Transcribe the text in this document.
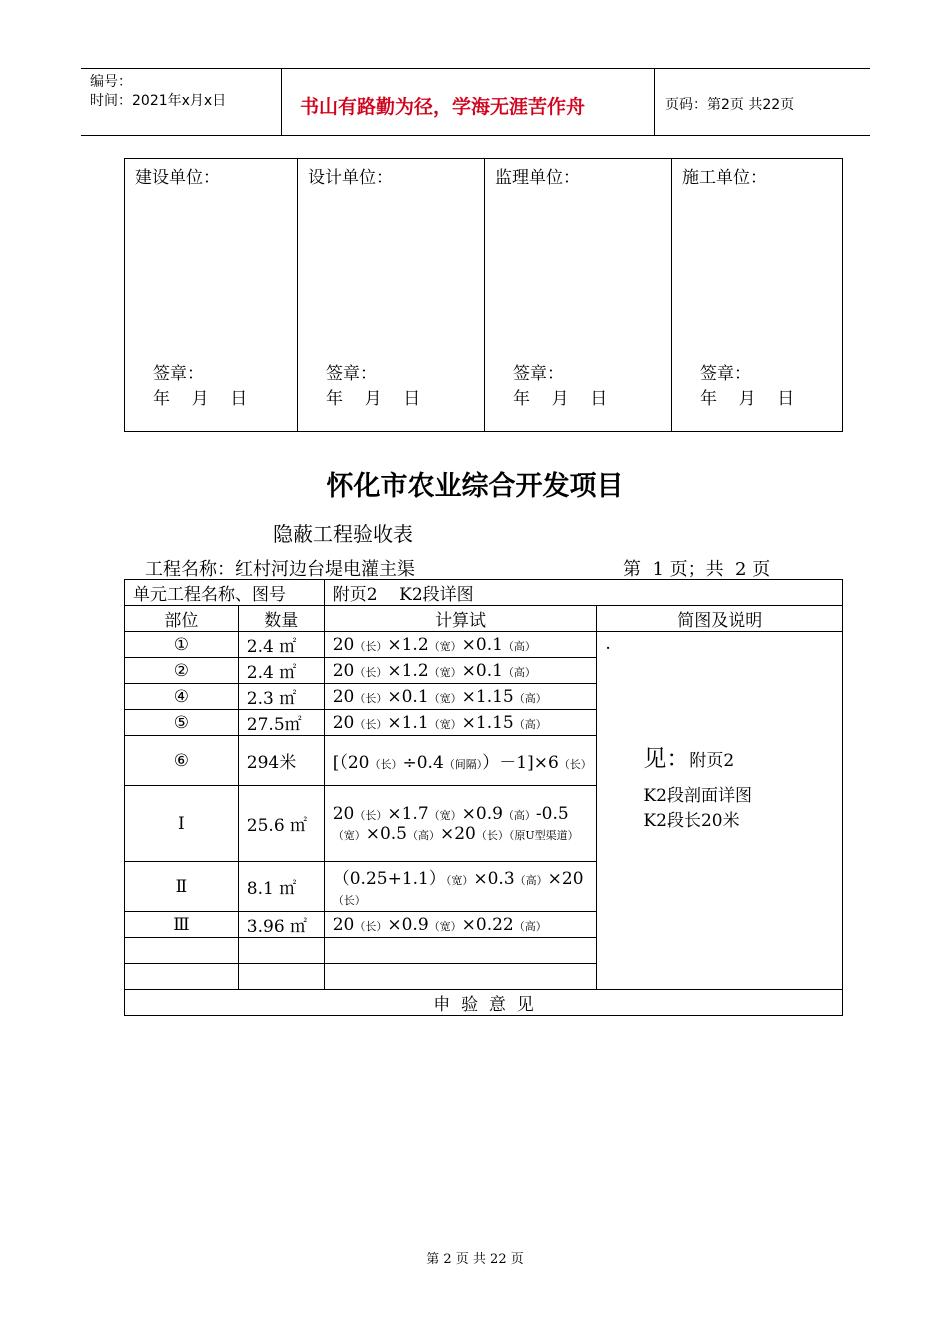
编号：
时间：2021年x月x日	书山有路勤为径，学海无涯苦作舟	页码：第2页 共22页
建设单位：
签章：
年    月    日

设计单位：
签章：
年    月    日

监理单位：
签章：
年    月    日

施工单位：
签章：
年    月    日
怀化市农业综合开发项目
隐蔽工程验收表
工程名称：红村河边台堤电灌主渠	第  1 页；共  2 页
单元工程名称、图号		附页2    K2段详图	
部位	数量	计算试	简图及说明
①	2.4 ㎡	20（长）×1.2（宽）×0.1（高）	.
见：附页2
K2段剖面详图
K2段长20米

②	2.4 ㎡	20（长）×1.2（宽）×0.1（高）	
④	2.3 ㎡	20（长）×0.1（宽）×1.15（高）	
⑤	27.5㎡	20（长）×1.1（宽）×1.15（高）	
⑥	294米	[（20（长）÷0.4（间隔））－1]×6（长）	
Ⅰ	25.6 ㎡	20（长）×1.7（宽）×0.9（高）-0.5（宽）×0.5（高）×20（长）（原U型渠道）	
Ⅱ	8.1 ㎡	（0.25+1.1）（宽）×0.3（高）×20（长）	
Ⅲ	3.96 ㎡	20（长）×0.9（宽）×0.22（高）	

申  验  意  见			
第 2 页 共 22 页
